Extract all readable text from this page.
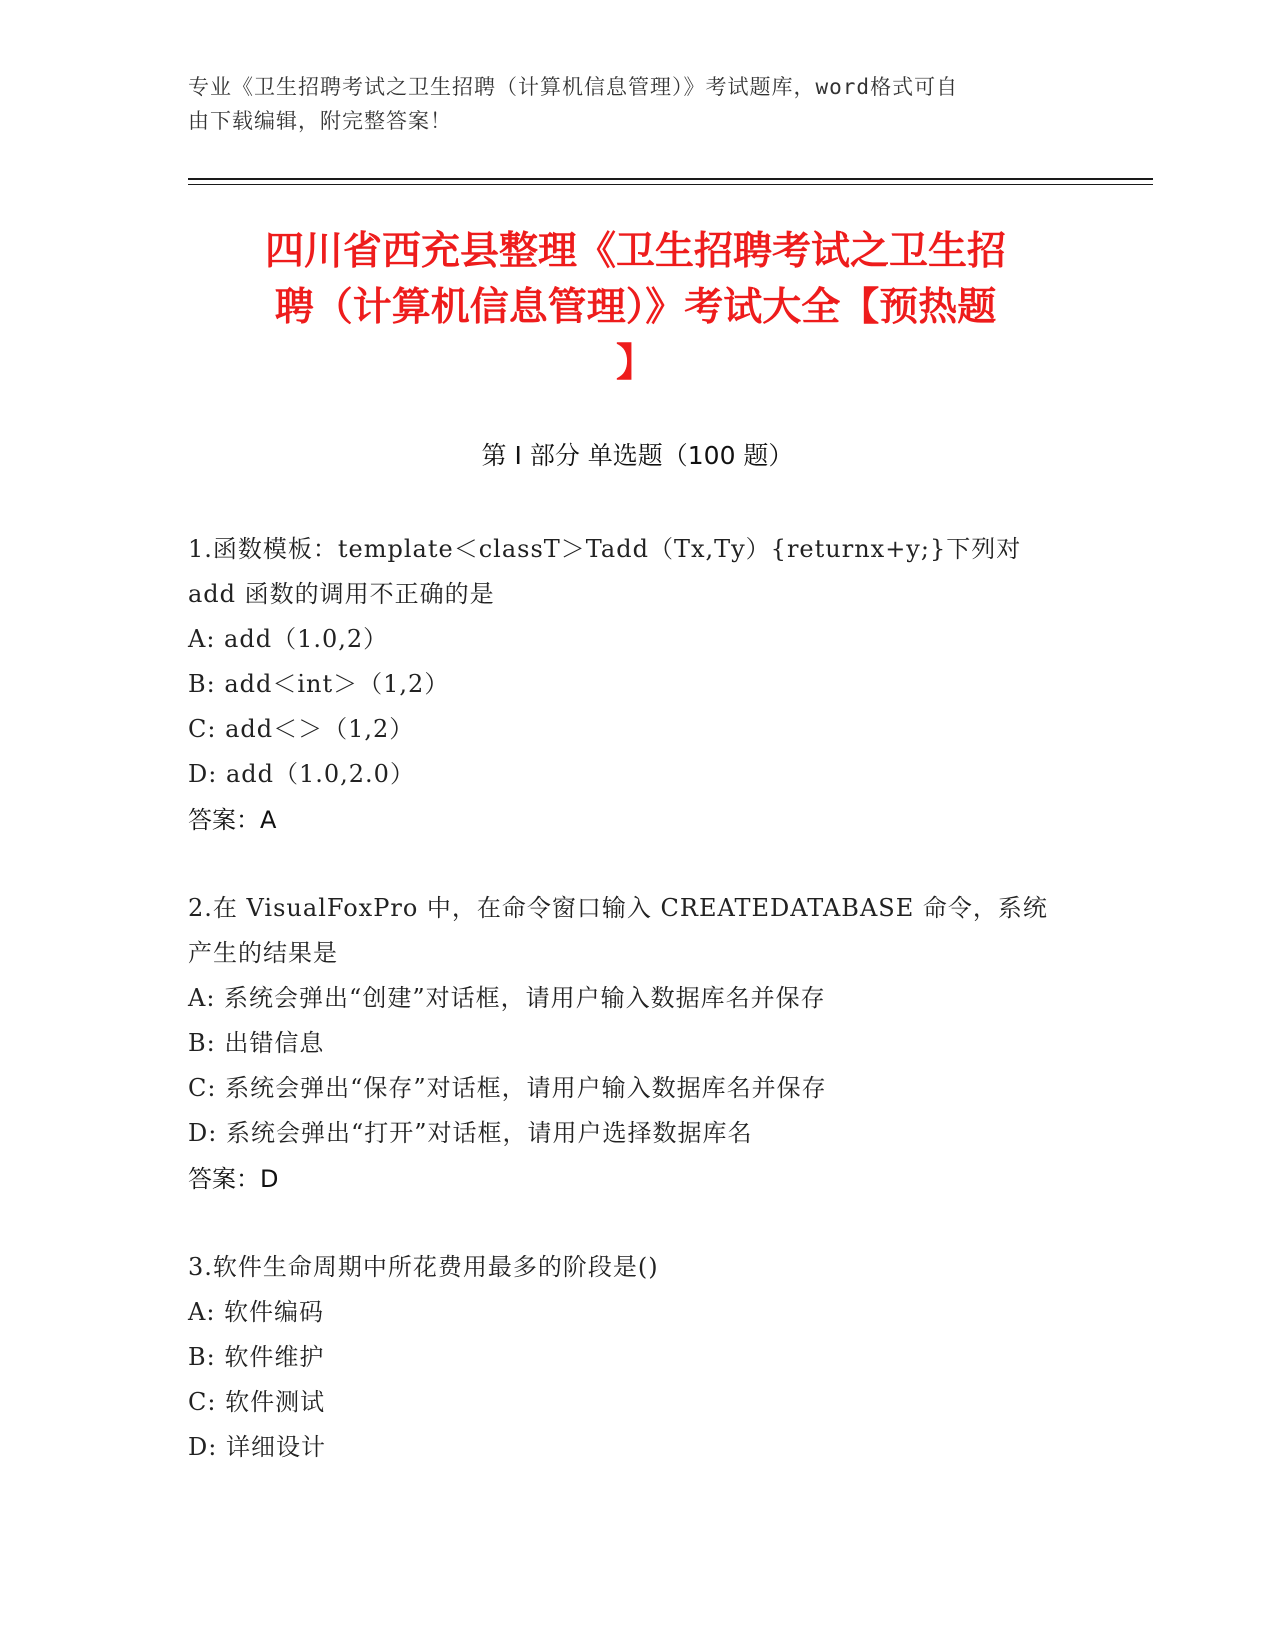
专业《卫生招聘考试之卫生招聘（计算机信息管理）》考试题库，word格式可自
由下载编辑，附完整答案！
四川省西充县整理《卫生招聘考试之卫生招
聘（计算机信息管理）》考试大全【预热题
】
第 I 部分 单选题（100 题）
1.函数模板：template＜classT＞Tadd（Tx,Ty）{returnx+y;}下列对
add 函数的调用不正确的是
A: add（1.0,2）
B: add＜int＞（1,2）
C: add＜＞（1,2）
D: add（1.0,2.0）
答案：A
2.在 VisualFoxPro 中，在命令窗口输入 CREATEDATABASE 命令，系统
产生的结果是
A: 系统会弹出“创建”对话框，请用户输入数据库名并保存
B: 出错信息
C: 系统会弹出“保存”对话框，请用户输入数据库名并保存
D: 系统会弹出“打开”对话框，请用户选择数据库名
答案：D
3.软件生命周期中所花费用最多的阶段是()
A: 软件编码
B: 软件维护
C: 软件测试
D: 详细设计
